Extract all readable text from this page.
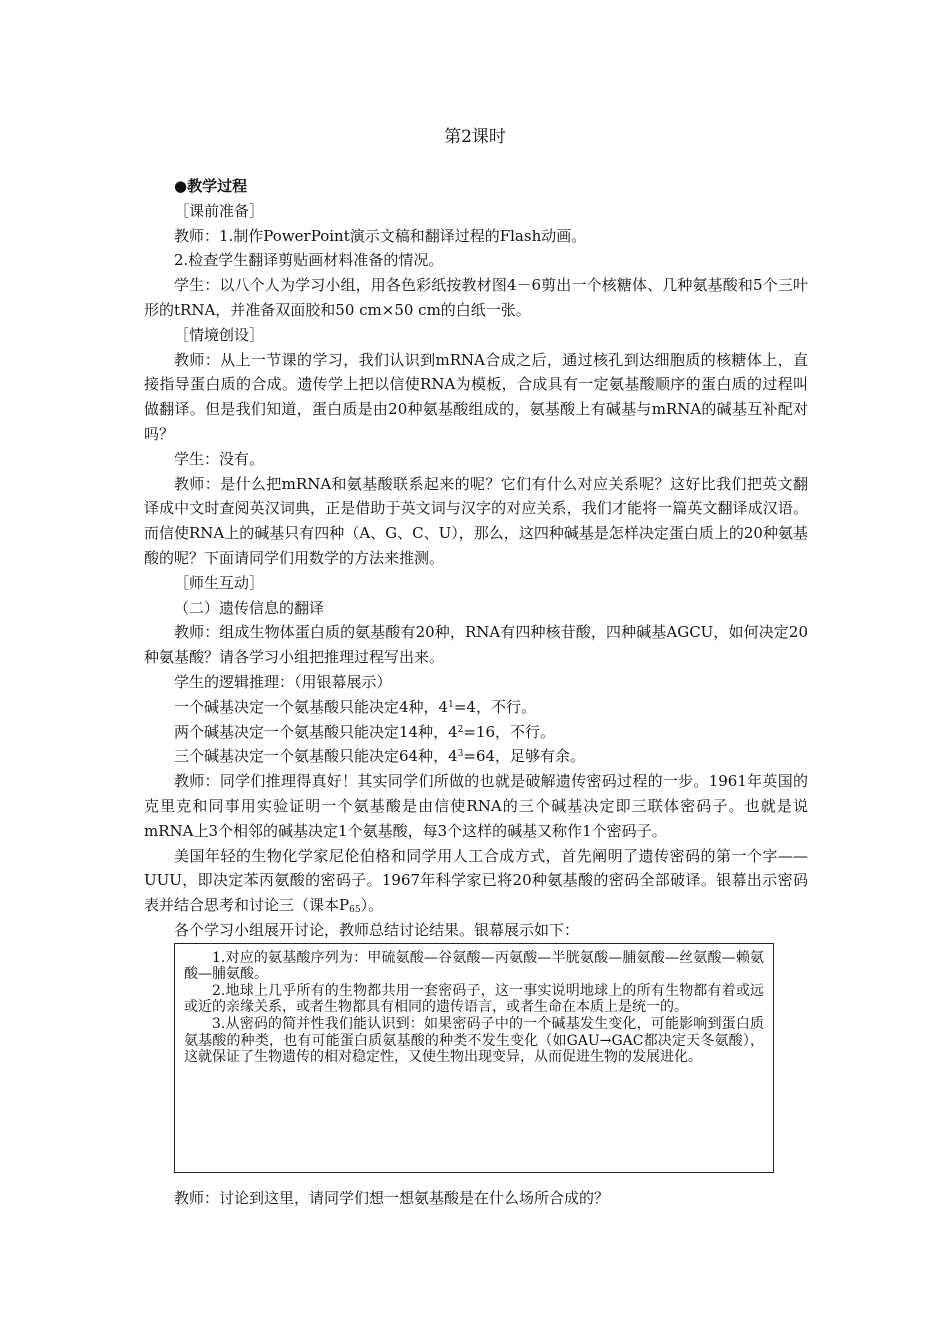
第2课时

●教学过程

［课前准备］

教师：1.制作PowerPoint演示文稿和翻译过程的Flash动画。

2.检查学生翻译剪贴画材料准备的情况。

学生：以八个人为学习小组，用各色彩纸按教材图4－6剪出一个核糖体、几种氨基酸和5个三叶形的tRNA，并准备双面胶和50 cm×50 cm的白纸一张。

［情境创设］

教师：从上一节课的学习，我们认识到mRNA合成之后，通过核孔到达细胞质的核糖体上，直接指导蛋白质的合成。遗传学上把以信使RNA为模板，合成具有一定氨基酸顺序的蛋白质的过程叫做翻译。但是我们知道，蛋白质是由20种氨基酸组成的，氨基酸上有碱基与mRNA的碱基互补配对吗？

学生：没有。

教师：是什么把mRNA和氨基酸联系起来的呢？它们有什么对应关系呢？这好比我们把英文翻译成中文时查阅英汉词典，正是借助于英文词与汉字的对应关系，我们才能将一篇英文翻译成汉语。而信使RNA上的碱基只有四种（A、G、C、U），那么，这四种碱基是怎样决定蛋白质上的20种氨基酸的呢？下面请同学们用数学的方法来推测。

［师生互动］

（二）遗传信息的翻译

教师：组成生物体蛋白质的氨基酸有20种，RNA有四种核苷酸，四种碱基AGCU，如何决定20种氨基酸？请各学习小组把推理过程写出来。

学生的逻辑推理：（用银幕展示）

一个碱基决定一个氨基酸只能决定4种，$4^1=4$，不行。

两个碱基决定一个氨基酸只能决定14种，$4^2=16$，不行。

三个碱基决定一个氨基酸只能决定64种，$4^3=64$，足够有余。

教师：同学们推理得真好！其实同学们所做的也就是破解遗传密码过程的一步。1961年英国的克里克和同事用实验证明一个氨基酸是由信使RNA的三个碱基决定即三联体密码子。也就是说mRNA上3个相邻的碱基决定1个氨基酸，每3个这样的碱基又称作1个密码子。

美国年轻的生物化学家尼伦伯格和同学用人工合成方式，首先阐明了遗传密码的第一个字——UUU，即决定苯丙氨酸的密码子。1967年科学家已将20种氨基酸的密码全部破译。银幕出示密码表并结合思考和讨论三（课本$P_{65}$）。

各个学习小组展开讨论，教师总结讨论结果。银幕展示如下：

1.对应的氨基酸序列为：甲硫氨酸—谷氨酸—丙氨酸—半胱氨酸—脯氨酸—丝氨酸—赖氨酸—脯氨酸。

2.地球上几乎所有的生物都共用一套密码子，这一事实说明地球上的所有生物都有着或远或近的亲缘关系，或者生物都具有相同的遗传语言，或者生命在本质上是统一的。

3.从密码的简并性我们能认识到：如果密码子中的一个碱基发生变化，可能影响到蛋白质氨基酸的种类，也有可能蛋白质氨基酸的种类不发生变化（如GAU→GAC都决定天冬氨酸），这就保证了生物遗传的相对稳定性，又使生物出现变异，从而促进生物的发展进化。

教师：讨论到这里，请同学们想一想氨基酸是在什么场所合成的？
